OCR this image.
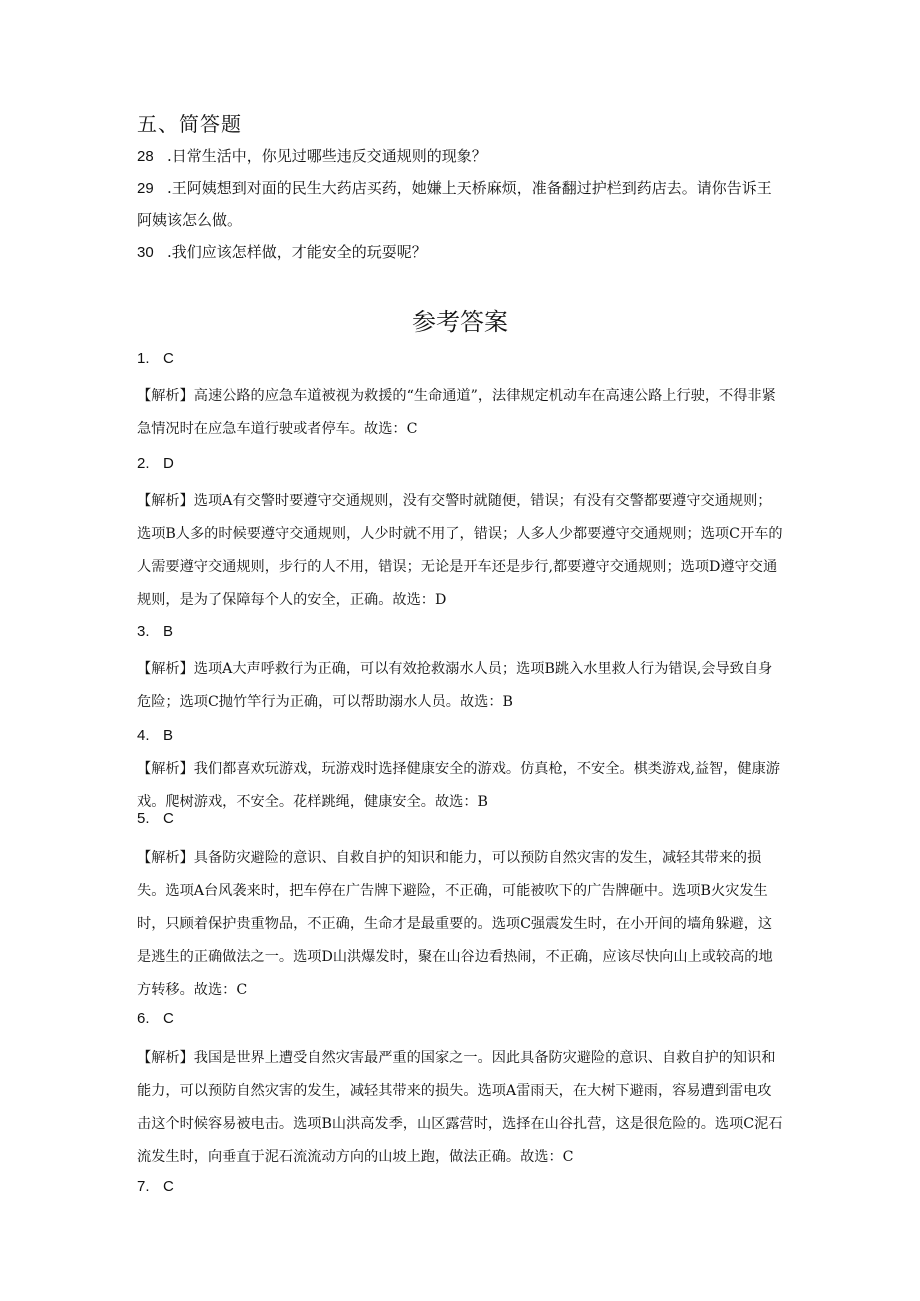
五、简答题
28 .日常生活中，你见过哪些违反交通规则的现象？
29 .王阿姨想到对面的民生大药店买药，她嫌上天桥麻烦，准备翻过护栏到药店去。请你告诉王
阿姨该怎么做。
30 .我们应该怎样做，才能安全的玩耍呢？
参考答案
1. C
【解析】高速公路的应急车道被视为救援的“生命通道”，法律规定机动车在高速公路上行驶，不得非紧急情况时在应急车道行驶或者停车。故选：C
2. D
【解析】选项A有交警时要遵守交通规则，没有交警时就随便，错误；有没有交警都要遵守交通规则；选项B人多的时候要遵守交通规则，人少时就不用了，错误；人多人少都要遵守交通规则；选项C开车的人需要遵守交通规则，步行的人不用，错误；无论是开车还是步行,都要遵守交通规则；选项D遵守交通规则，是为了保障每个人的安全，正确。故选：D
3. B
【解析】选项A大声呼救行为正确，可以有效抢救溺水人员；选项B跳入水里救人行为错误,会导致自身危险；选项C抛竹竿行为正确，可以帮助溺水人员。故选：B
4. B
【解析】我们都喜欢玩游戏，玩游戏时选择健康安全的游戏。仿真枪，不安全。棋类游戏,益智，健康游戏。爬树游戏，不安全。花样跳绳，健康安全。故选：B
5. C
【解析】具备防灾避险的意识、自救自护的知识和能力，可以预防自然灾害的发生，减轻其带来的损失。选项A台风袭来时，把车停在广告牌下避险，不正确，可能被吹下的广告牌砸中。选项B火灾发生时，只顾着保护贵重物品，不正确，生命才是最重要的。选项C强震发生时，在小开间的墙角躲避，这是逃生的正确做法之一。选项D山洪爆发时，聚在山谷边看热闹，不正确，应该尽快向山上或较高的地方转移。故选：C
6. C
【解析】我国是世界上遭受自然灾害最严重的国家之一。因此具备防灾避险的意识、自救自护的知识和能力，可以预防自然灾害的发生，减轻其带来的损失。选项A雷雨天，在大树下避雨，容易遭到雷电攻击这个时候容易被电击。选项B山洪高发季，山区露营时，选择在山谷扎营，这是很危险的。选项C泥石流发生时，向垂直于泥石流流动方向的山坡上跑，做法正确。故选：C
7. C
